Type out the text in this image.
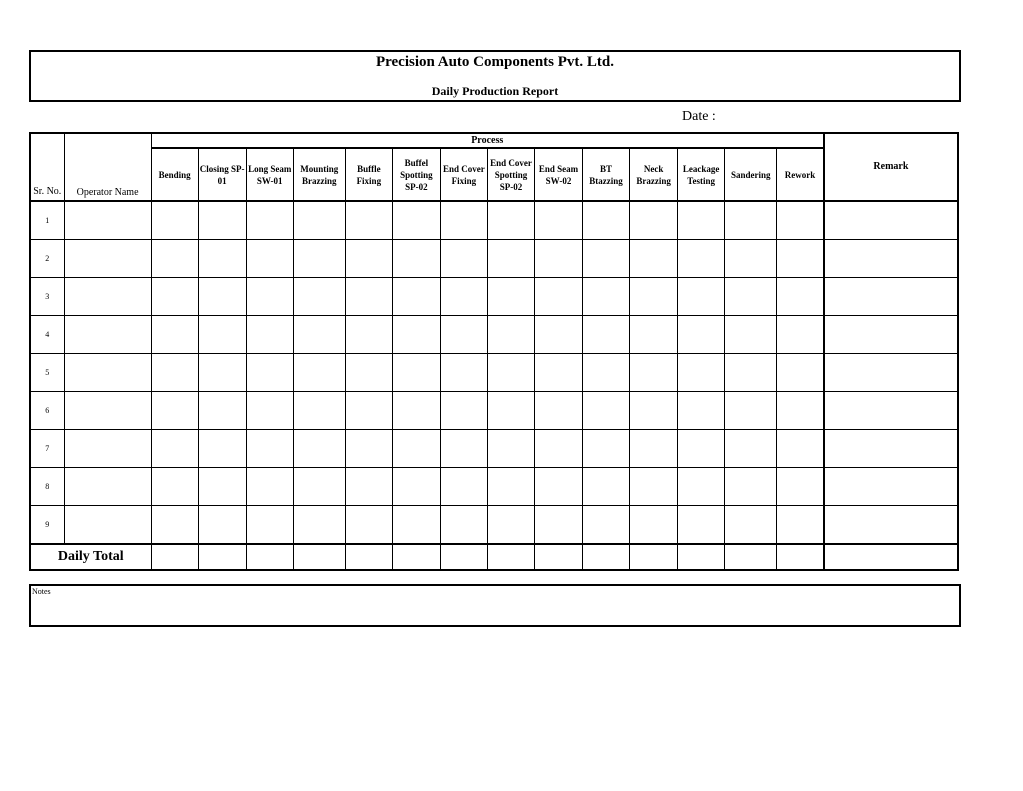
Precision Auto Components Pvt. Ltd.
Daily Production Report
Date :
Sr. No.	Operator Name	Process														Remark
		Bending	Closing SP-01	Long Seam SW-01	Mounting Brazzing	Buffle Fixing	Buffel Spotting SP-02	End Cover Fixing	End Cover Spotting SP-02	End Seam SW-02	BT Btazzing	Neck Brazzing	Leackage Testing	Sandering	Rework	
1																
2																
3																
4																
5																
6																
7																
8																
9																
Daily Total																
Notes
